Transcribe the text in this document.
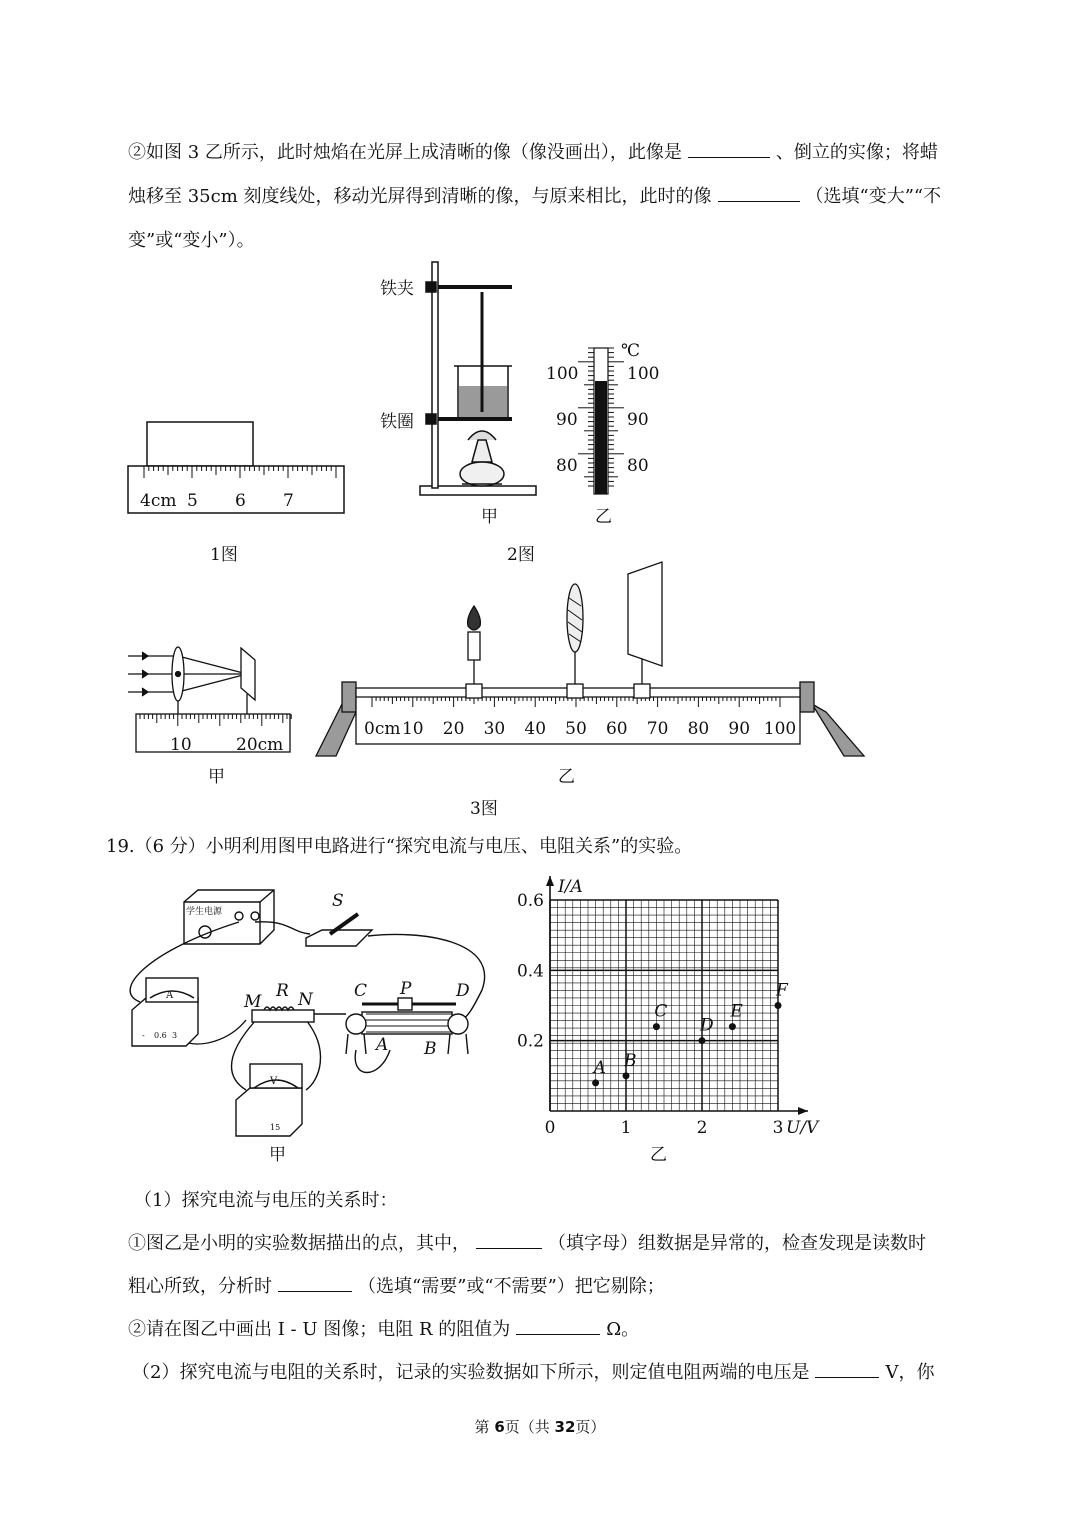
②如图 3 乙所示，此时烛焰在光屏上成清晰的像（像没画出），此像是	、倒立的实像；将蜡
烛移至 35cm 刻度线处，移动光屏得到清晰的像，与原来相比，此时的像	（选填“变大”“不
变”或“变小”）。
4cm 5 6 7
1图
铁夹
铁圈
甲
℃
100	100
90	90
80	80
乙
2图
10	20cm
甲
0cm 10 20 30 40 50 60 70 80 90 100
乙
3图
学生电源
S
R
M N C P	D
A B
A
- 0.6 3
V
15
甲
0	1	2	3
0.2
0.4
0.6
U/V
I/A
A B
C
D
E
F
乙
19.（6 分）小明利用图甲电路进行“探究电流与电压、电阻关系”的实验。
（1）探究电流与电压的关系时：
①图乙是小明的实验数据描出的点，其中，	（填字母）组数据是异常的，检查发现是读数时
粗心所致，分析时	（选填“需要”或“不需要”）把它剔除；
②请在图乙中画出 I - U 图像；电阻 R 的阻值为	Ω。
（2）探究电流与电阻的关系时，记录的实验数据如下所示，则定值电阻两端的电压是	V，你
第 6页（共 32页）
